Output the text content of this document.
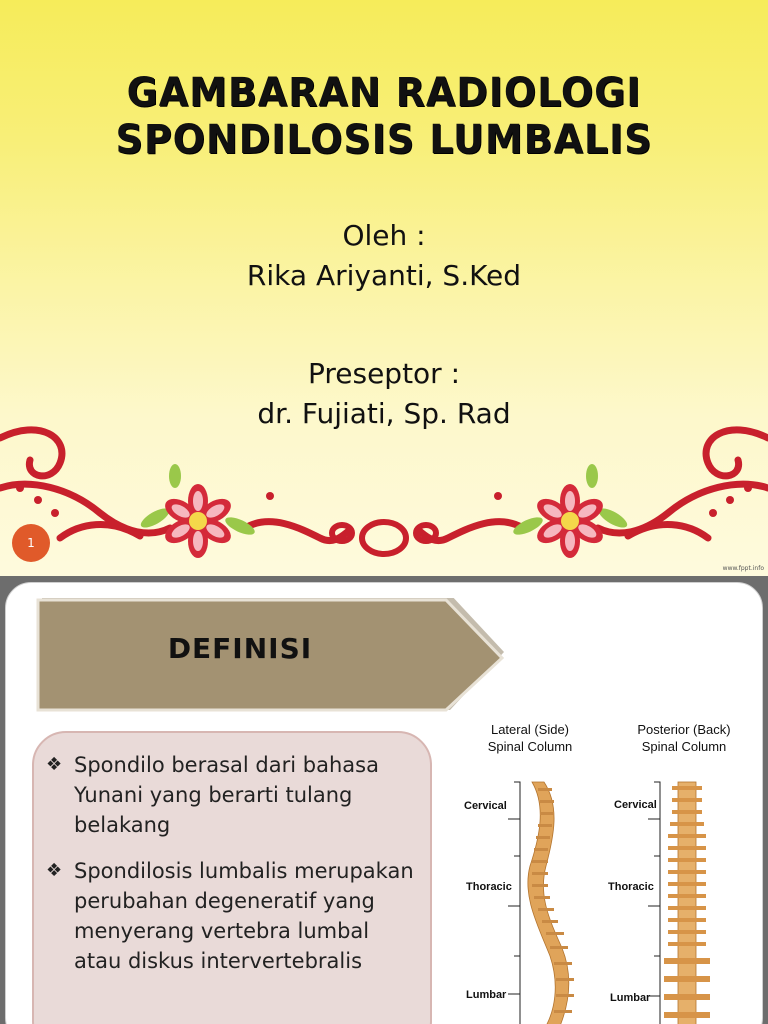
GAMBARAN RADIOLOGI
SPONDILOSIS LUMBALIS
Oleh :
Rika Ariyanti, S.Ked
Preseptor :
dr. Fujiati, Sp. Rad
1
www.fppt.info
DEFINISI
❖ Spondilo berasal dari bahasa Yunani yang berarti tulang belakang
❖ Spondilosis lumbalis merupakan perubahan degeneratif yang menyerang vertebra lumbal atau diskus intervertebralis
Lateral (Side)
Spinal Column
Posterior (Back)
Spinal Column
Cervical
Thoracic
Lumbar
Cervical
Thoracic
Lumbar
